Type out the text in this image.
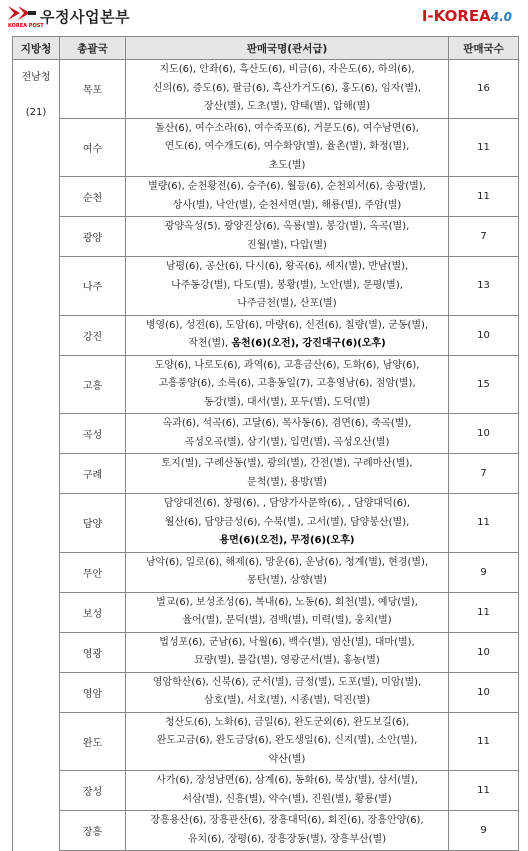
우정사업본부
KOREA POST
I-KOREA4.0
지방청	총괄국	판매국명(관서급)	판매국수

전남청
(21)	목포	지도(6), 안좌(6), 흑산도(6), 비금(6), 자은도(6), 하의(6),
신의(6), 증도(6), 팔금(6), 흑산가거도(6), 홍도(6), 임자(별),
장산(별), 도초(별), 암태(별), 압해(별)	16
	여수	돌산(6), 여수소라(6), 여수죽포(6), 거문도(6), 여수남면(6),
연도(6), 여수개도(6), 여수화양(별), 율촌(별), 화정(별),
초도(별)	11
	순천	별량(6), 순천황전(6), 승주(6), 월등(6), 순천외서(6), 송광(별),
상사(별), 낙안(별), 순천서면(별), 해룡(별), 주암(별)	11
	광양	광양옥성(5), 광양진상(6), 옥룡(별), 봉강(별), 옥곡(별),
진월(별), 다압(별)	7
	나주	남평(6), 공산(6), 다시(6), 왕곡(6), 세지(별), 반남(별),
나주동강(별), 다도(별), 봉황(별), 노안(별), 문평(별),
나주금천(별), 산포(별)	13
	강진	병영(6), 성전(6), 도암(6), 마량(6), 신전(6), 칠량(별), 군동(별),
작천(별), 옴천(6)(오전), 강진대구(6)(오후)	10
	고흥	도양(6), 나로도(6), 과역(6), 고흥금산(6), 도화(6), 남양(6),
고흥풍양(6), 소록(6), 고흥동일(7), 고흥영남(6), 점암(별),
동강(별), 대서(별), 포두(별), 도덕(별)	15
	곡성	옥과(6), 석곡(6), 고달(6), 목사동(6), 겸면(6), 죽곡(별),
곡성오곡(별), 삼기(별), 입면(별), 곡성오산(별)	10
	구례	토지(별), 구례산동(별), 광의(별), 간전(별), 구례마산(별),
문척(별), 용방(별)	7
	담양	담양대전(6), 창평(6), , 담양가사문학(6), , 담양대덕(6),
월산(6), 담양금성(6), 수북(별), 고서(별), 담양봉산(별),
용면(6)(오전), 무정(6)(오후)	11
	무안	남악(6), 일로(6), 해제(6), 망운(6), 운남(6), 청계(별), 현경(별),
몽탄(별), 삼향(별)	9
	보성	벌교(6), 보성조성(6), 복내(6), 노동(6), 회천(별), 예당(별),
율어(별), 문덕(별), 겸백(별), 미력(별), 웅치(별)	11
	영광	법성포(6), 군남(6), 낙월(6), 백수(별), 염산(별), 대마(별),
묘량(별), 불갑(별), 영광군서(별), 홍농(별)	10
	영암	영암학산(6), 신북(6), 군서(별), 금정(별), 도포(별), 미암(별),
삼호(별), 서호(별), 시종(별), 덕진(별)	10
	완도	청산도(6), 노화(6), 금일(6), 완도군외(6), 완도보길(6),
완도고금(6), 완도금당(6), 완도생일(6), 신지(별), 소안(별),
약산(별)	11
	장성	사가(6), 장성남면(6), 삼계(6), 동화(6), 북상(별), 삼서(별),
서삼(별), 신흥(별), 약수(별), 진원(별), 황룡(별)	11
	장흥	장흥용산(6), 장흥관산(6), 장흥대덕(6), 회진(6), 장흥안양(6),
유치(6), 장평(6), 장흥장동(별), 장흥부산(별)	9
